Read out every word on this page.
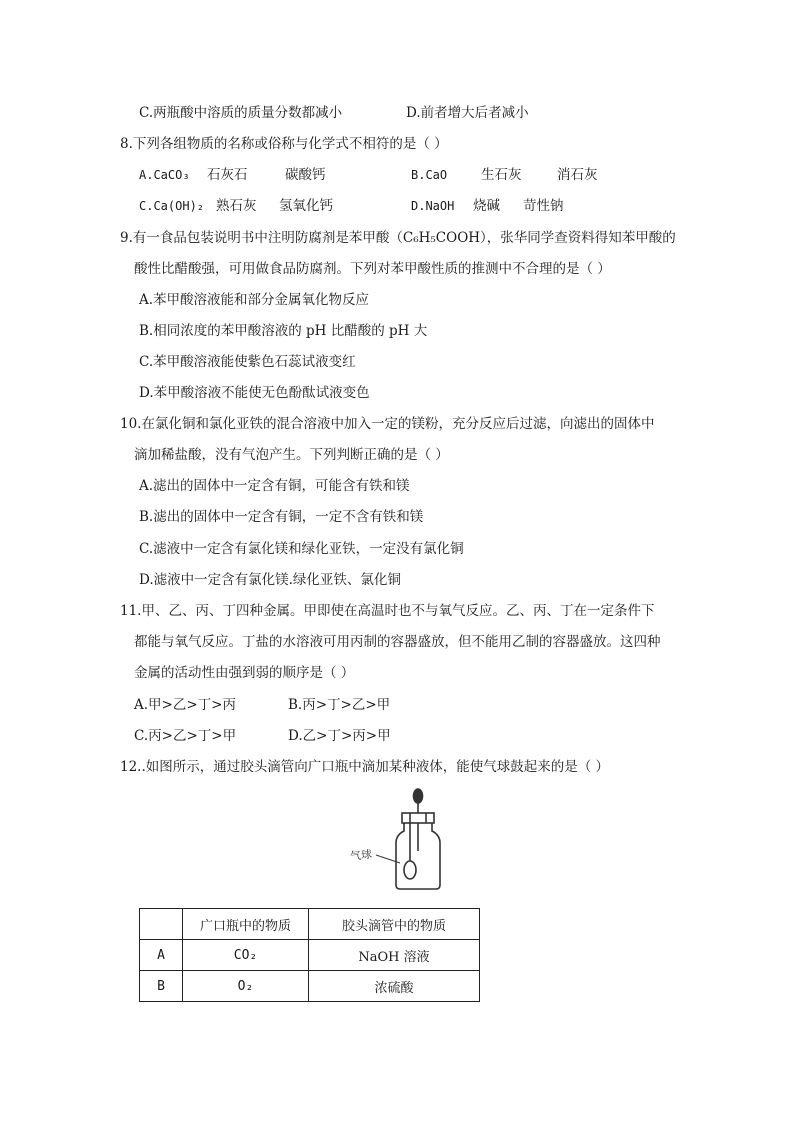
C.两瓶酸中溶质的质量分数都减小	D.前者增大后者减小
8.下列各组物质的名称或俗称与化学式不相符的是（ ）
A.CaCO₃ 石灰石	碳酸钙	B.CaO	生石灰	消石灰
C.Ca(OH)₂ 熟石灰 氢氧化钙	D.NaOH 烧碱 苛性钠
9.有一食品包装说明书中注明防腐剂是苯甲酸（C₆H₅COOH），张华同学查资料得知苯甲酸的
酸性比醋酸强，可用做食品防腐剂。下列对苯甲酸性质的推测中不合理的是（ ）
A.苯甲酸溶液能和部分金属氧化物反应
B.相同浓度的苯甲酸溶液的 pH 比醋酸的 pH 大
C.苯甲酸溶液能使紫色石蕊试液变红
D.苯甲酸溶液不能使无色酚酞试液变色
10.在氯化铜和氯化亚铁的混合溶液中加入一定的镁粉，充分反应后过滤，向滤出的固体中
滴加稀盐酸，没有气泡产生。下列判断正确的是（ ）
A.滤出的固体中一定含有铜，可能含有铁和镁
B.滤出的固体中一定含有铜，一定不含有铁和镁
C.滤液中一定含有氯化镁和绿化亚铁，一定没有氯化铜
D.滤液中一定含有氯化镁.绿化亚铁、氯化铜
11.甲、乙、丙、丁四种金属。甲即使在高温时也不与氧气反应。乙、丙、丁在一定条件下
都能与氧气反应。丁盐的水溶液可用丙制的容器盛放，但不能用乙制的容器盛放。这四种
金属的活动性由强到弱的顺序是（ ）
A.甲>乙>丁>丙	B.丙>丁>乙>甲
C.丙>乙>丁>甲	D.乙>丁>丙>甲
12..如图所示，通过胶头滴管向广口瓶中滴加某种液体，能使气球鼓起来的是（ ）
气球
	广口瓶中的物质	胶头滴管中的物质
A	CO₂	NaOH 溶液
B	O₂	浓硫酸
